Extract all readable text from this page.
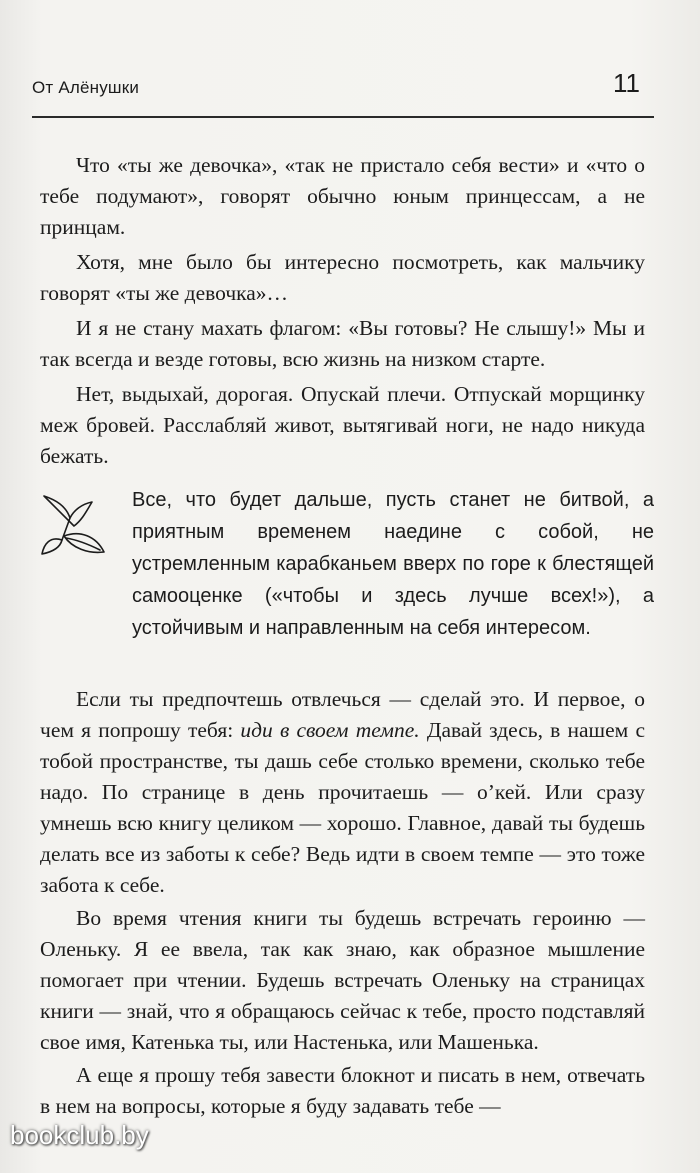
От Алёнушки	11

Что «ты же девочка», «так не пристало себя вести» и «что о тебе подумают», говорят обычно юным принцессам, а не принцам.

Хотя, мне было бы интересно посмотреть, как мальчику говорят «ты же девочка»…

И я не стану махать флагом: «Вы готовы? Не слышу!» Мы и так всегда и везде готовы, всю жизнь на низком старте.

Нет, выдыхай, дорогая. Опускай плечи. Отпускай морщинку меж бровей. Расслабляй живот, вытягивай ноги, не надо никуда бежать.

Все, что будет дальше, пусть станет не битвой, а приятным временем наедине с собой, не устремленным карабканьем вверх по горе к блестящей самооценке («чтобы и здесь лучше всех!»), а устойчивым и направленным на себя интересом.

Если ты предпочтешь отвлечься — сделай это. И первое, о чем я попрошу тебя: иди в своем темпе. Давай здесь, в нашем с тобой пространстве, ты дашь себе столько времени, сколько тебе надо. По странице в день прочитаешь — о’кей. Или сразу умнешь всю книгу целиком — хорошо. Главное, давай ты будешь делать все из заботы к себе? Ведь идти в своем темпе — это тоже забота к себе.

Во время чтения книги ты будешь встречать героиню — Оленьку. Я ее ввела, так как знаю, как образное мышление помогает при чтении. Будешь встречать Оленьку на страницах книги — знай, что я обращаюсь сейчас к тебе, просто подставляй свое имя, Катенька ты, или Настенька, или Машенька.

А еще я прошу тебя завести блокнот и писать в нем, отвечать в нем на вопросы, которые я буду задавать тебе —

bookclub.by
